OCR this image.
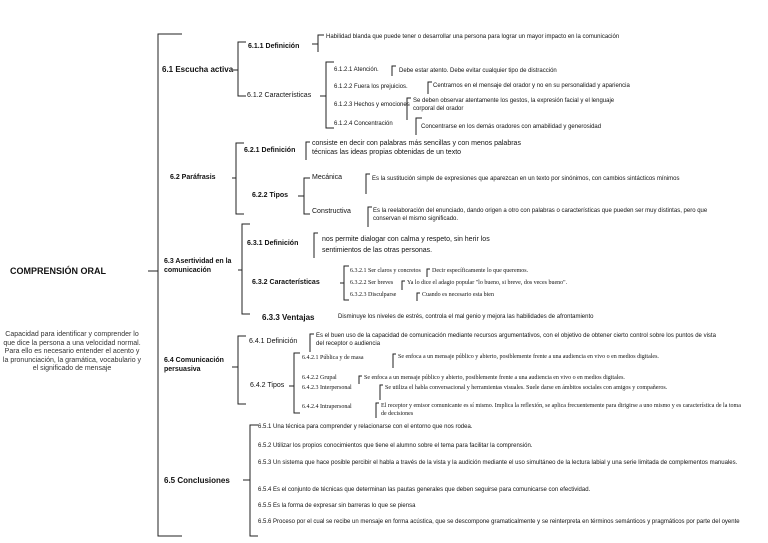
COMPRENSIÓN ORAL
Capacidad para identificar y comprender lo que dice la persona a una velocidad normal. Para ello es necesario entender el acento y la pronunciación, la gramática, vocabulario y el significado de mensaje
6.1 Escucha activa
6.1.1 Definición
Habilidad blanda que puede tener o desarrollar una persona para lograr un mayor impacto en la comunicación
6.1.2 Características
6.1.2.1 Atención.	Debe estar atento. Debe evitar cualquier tipo de distracción
6.1.2.2 Fuera los prejuicios.	Centrarnos en el mensaje del orador y no en su personalidad y apariencia
6.1.2.3 Hechos y emociones
Se deben observar atentamente los gestos, la expresión facial y el lenguaje corporal del orador
6.1.2.4 Concentración	Concentrarse en los demás oradores con amabilidad y generosidad
6.2 Paráfrasis
6.2.1 Definición
consiste en decir con palabras más sencillas y con menos palabras técnicas las ideas propias obtenidas de un texto
6.2.2 Tipos
Mecánica	Es la sustitución simple de expresiones que aparezcan en un texto por sinónimos, con cambios sintácticos mínimos
Constructiva	Es la reelaboración del enunciado, dando origen a otro con palabras o características que pueden ser muy distintas, pero que conservan el mismo significado.
6.3 Asertividad en la comunicación
6.3.1 Definición
nos permite dialogar con calma y respeto, sin herir los sentimientos de las otras personas.
6.3.2 Características
6.3.2.1 Ser claros y concretos Decir específicamente lo que queremos.
6.3.2.2 Ser breves Ya lo dice el adagio popular "lo bueno, si breve, dos veces bueno".
6.3.2.3 Disculparse	Cuando es necesario esta bien
6.3.3 Ventajas	Disminuye los niveles de estrés, controla el mal genio y mejora las habilidades de afrontamiento
6.4 Comunicación persuasiva
6.4.1 Definición
Es el buen uso de la capacidad de comunicación mediante recursos argumentativos, con el objetivo de obtener cierto control sobre los puntos de vista del receptor o audiencia
6.4.2 Tipos
6.4.2.1 Pública y de masa	Se enfoca a un mensaje público y abierto, posiblemente frente a una audiencia en vivo o en medios digitales.
6.4.2.2 Grupal	Se enfoca a un mensaje público y abierto, posiblemente frente a una audiencia en vivo o en medios digitales.
6.4.2.3 Interpersonal	Se utiliza el habla conversacional y herramientas visuales. Suele darse en ámbitos sociales con amigos y compañeros.
6.4.2.4 Intrapersonal	El receptor y emisor comunicante es sí mismo. Implica la reflexión, se aplica frecuentemente para dirigirse a uno mismo y es característica de la toma de decisiones
6.5 Conclusiones
6.5.1 Una técnica para comprender y relacionarse con el entorno que nos rodea.
6.5.2 Utilizar los propios conocimientos que tiene el alumno sobre el tema para facilitar la comprensión.
6.5.3 Un sistema que hace posible percibir el habla a través de la vista y la audición mediante el uso simultáneo de la lectura labial y una serie limitada de complementos manuales.
6.5.4 Es el conjunto de técnicas que determinan las pautas generales que deben seguirse para comunicarse con efectividad.
6.5.5 Es la forma de expresar sin barreras lo que se piensa
6.5.6 Proceso por el cual se recibe un mensaje en forma acústica, que se descompone gramaticalmente y se reinterpreta en términos semánticos y pragmáticos por parte del oyente
